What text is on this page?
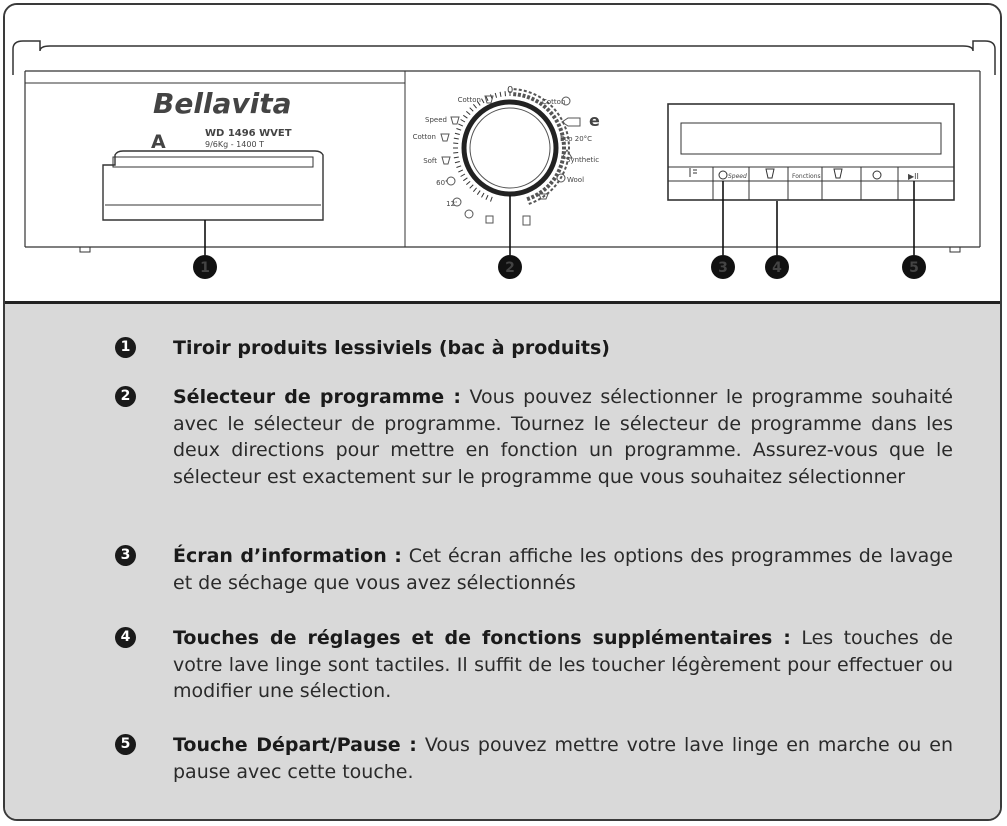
Bellavita
A	WD 1496 WVET
9/6Kg - 1400 T
0
Cotton	Cotton
e
Eco 20°C
Synthetic
Wool
Speed
Cotton
Soft
60'
12'
Speed	Fonctions	▶II
1	2	3	4	5
1 Tiroir produits lessiviels (bac à produits)
2 Sélecteur de programme : Vous pouvez sélectionner le programme souhaité avec le sélecteur de programme. Tournez le sélecteur de programme dans les deux directions pour mettre en fonction un programme. Assurez-vous que le sélecteur est exactement sur le programme que vous souhaitez sélectionner
3 Écran d’information : Cet écran affiche les options des programmes de lavage et de séchage que vous avez sélectionnés
4 Touches de réglages et de fonctions supplémentaires : Les touches de votre lave linge sont tactiles. Il suffit de les toucher légèrement pour effectuer ou modifier une sélection.
5 Touche Départ/Pause : Vous pouvez mettre votre lave linge en marche ou en pause avec cette touche.
